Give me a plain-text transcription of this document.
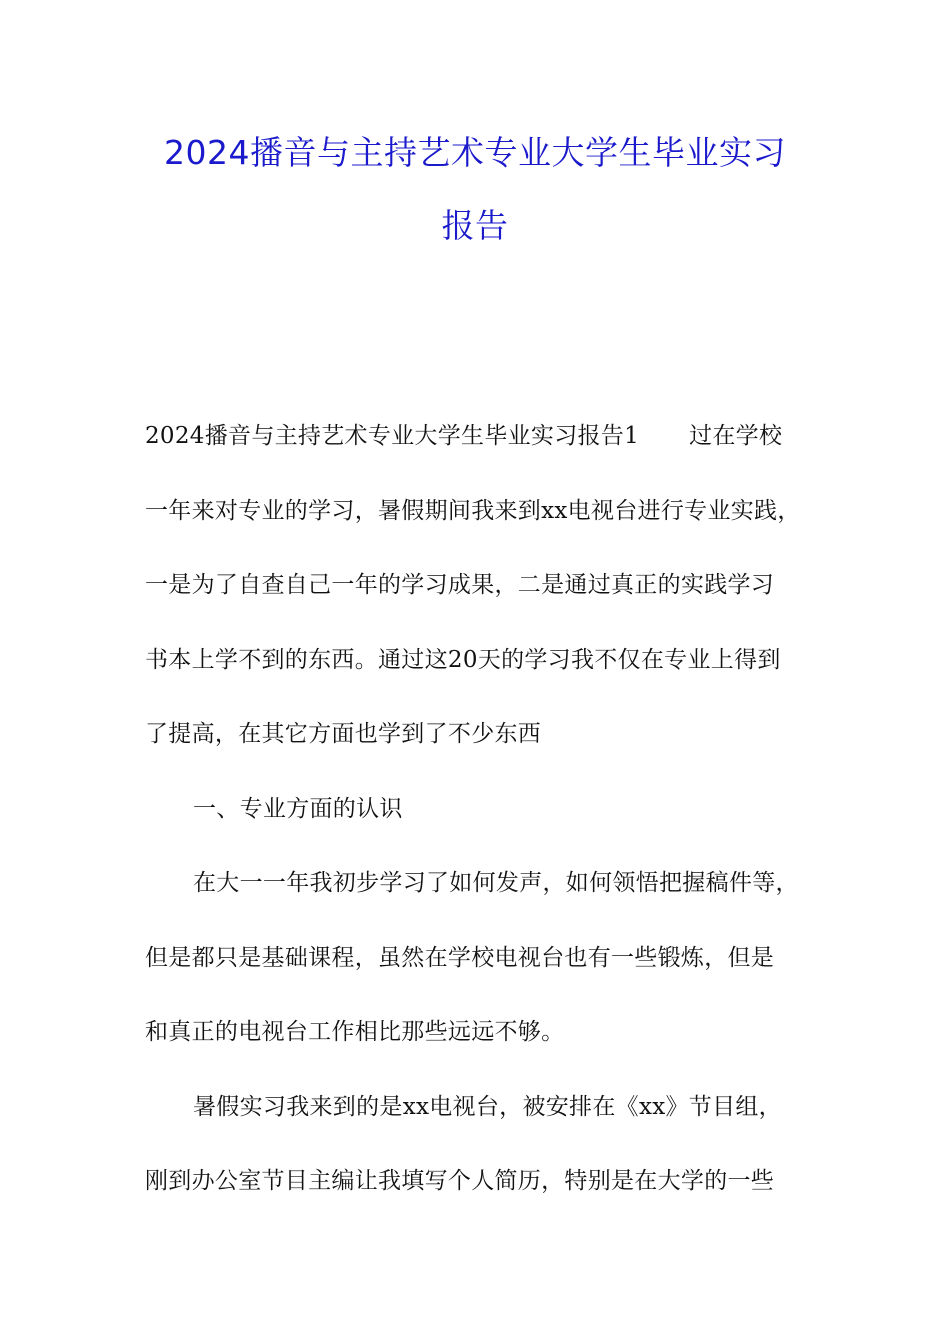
2024播音与主持艺术专业大学生毕业实习
报告
2024播音与主持艺术专业大学生毕业实习报告1 过在学校
一年来对专业的学习，暑假期间我来到xx电视台进行专业实践，
一是为了自查自己一年的学习成果，二是通过真正的实践学习
书本上学不到的东西。通过这20天的学习我不仅在专业上得到
了提高，在其它方面也学到了不少东西
一、专业方面的认识
在大一一年我初步学习了如何发声，如何领悟把握稿件等，
但是都只是基础课程，虽然在学校电视台也有一些锻炼，但是
和真正的电视台工作相比那些远远不够。
暑假实习我来到的是xx电视台，被安排在《xx》节目组，
刚到办公室节目主编让我填写个人简历，特别是在大学的一些
